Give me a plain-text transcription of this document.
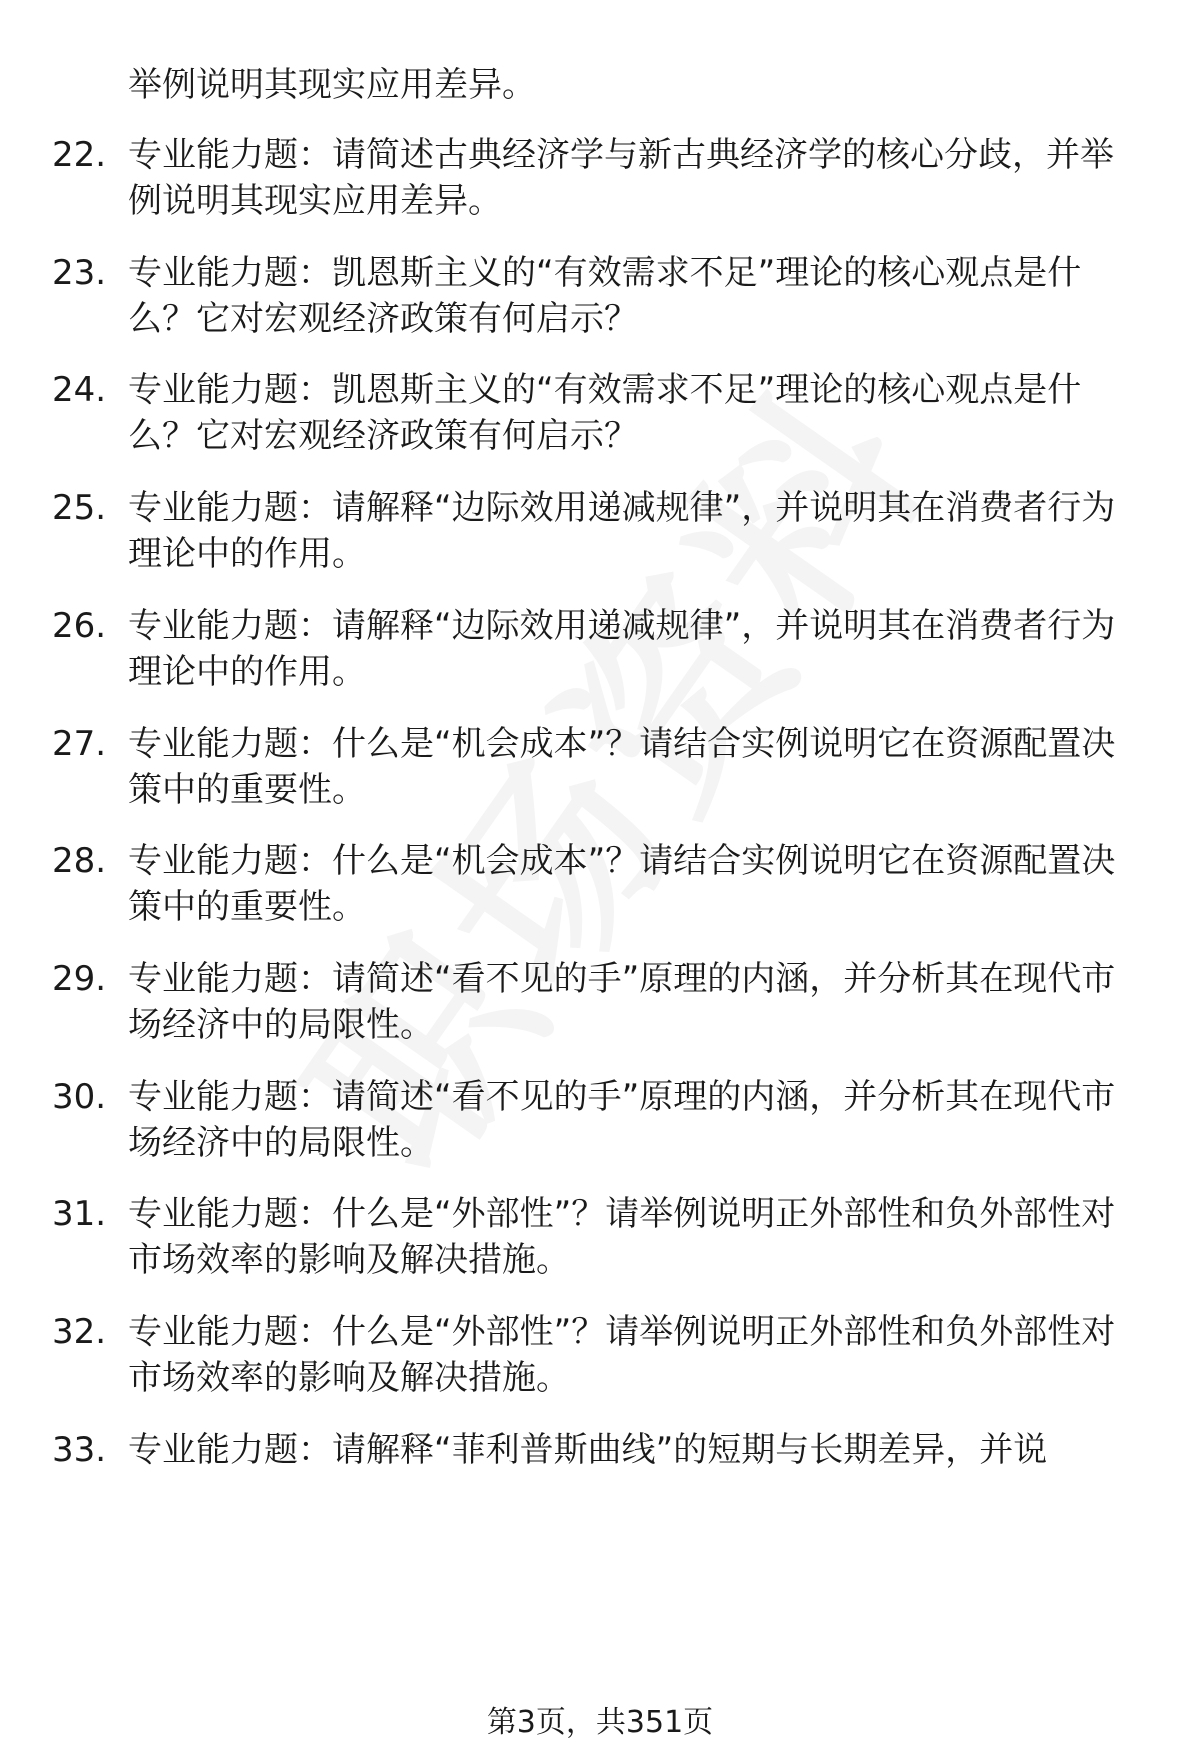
举例说明其现实应用差异。
22. 专业能力题：请简述古典经济学与新古典经济学的核心分歧，并举例说明其现实应用差异。
23. 专业能力题：凯恩斯主义的“有效需求不足”理论的核心观点是什么？它对宏观经济政策有何启示？
24. 专业能力题：凯恩斯主义的“有效需求不足”理论的核心观点是什么？它对宏观经济政策有何启示？
25. 专业能力题：请解释“边际效用递减规律”，并说明其在消费者行为理论中的作用。
26. 专业能力题：请解释“边际效用递减规律”，并说明其在消费者行为理论中的作用。
27. 专业能力题：什么是“机会成本”？请结合实例说明它在资源配置决策中的重要性。
28. 专业能力题：什么是“机会成本”？请结合实例说明它在资源配置决策中的重要性。
29. 专业能力题：请简述“看不见的手”原理的内涵，并分析其在现代市场经济中的局限性。
30. 专业能力题：请简述“看不见的手”原理的内涵，并分析其在现代市场经济中的局限性。
31. 专业能力题：什么是“外部性”？请举例说明正外部性和负外部性对市场效率的影响及解决措施。
32. 专业能力题：什么是“外部性”？请举例说明正外部性和负外部性对市场效率的影响及解决措施。
33. 专业能力题：请解释“菲利普斯曲线”的短期与长期差异，并说
第3页，共351页
